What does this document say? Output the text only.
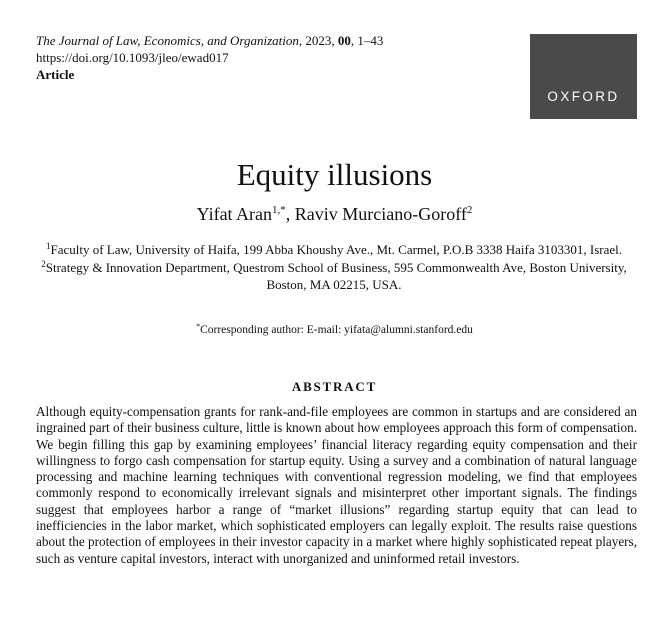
The Journal of Law, Economics, and Organization, 2023, 00, 1–43
https://doi.org/10.1093/jleo/ewad017
Article
OXFORD
Equity illusions
Yifat Aran$^{1,*}$, Raviv Murciano-Goroff$^2$

$^1$Faculty of Law, University of Haifa, 199 Abba Khoushy Ave., Mt. Carmel, P.O.B 3338 Haifa 3103301, Israel.

$^2$Strategy & Innovation Department, Questrom School of Business, 595 Commonwealth Ave, Boston University, Boston, MA 02215, USA.

*Corresponding author: E-mail: yifata@alumni.stanford.edu
ABSTRACT

Although equity-compensation grants for rank-and-file employees are common in startups and are considered an ingrained part of their business culture, little is known about how employees approach this form of compensation. We begin filling this gap by examining employees’ financial literacy regarding equity compensation and their willingness to forgo cash compensation for startup equity. Using a survey and a combination of natural language processing and machine learning techniques with conventional regression modeling, we find that employees commonly respond to economically irrelevant signals and misinterpret other important signals. The findings suggest that employees harbor a range of “market illusions” regarding startup equity that can lead to inefficiencies in the labor market, which sophisticated employers can legally exploit. The results raise questions about the protection of employees in their investor capacity in a market where highly sophisticated repeat players, such as venture capital investors, interact with unorganized and uninformed retail investors.
